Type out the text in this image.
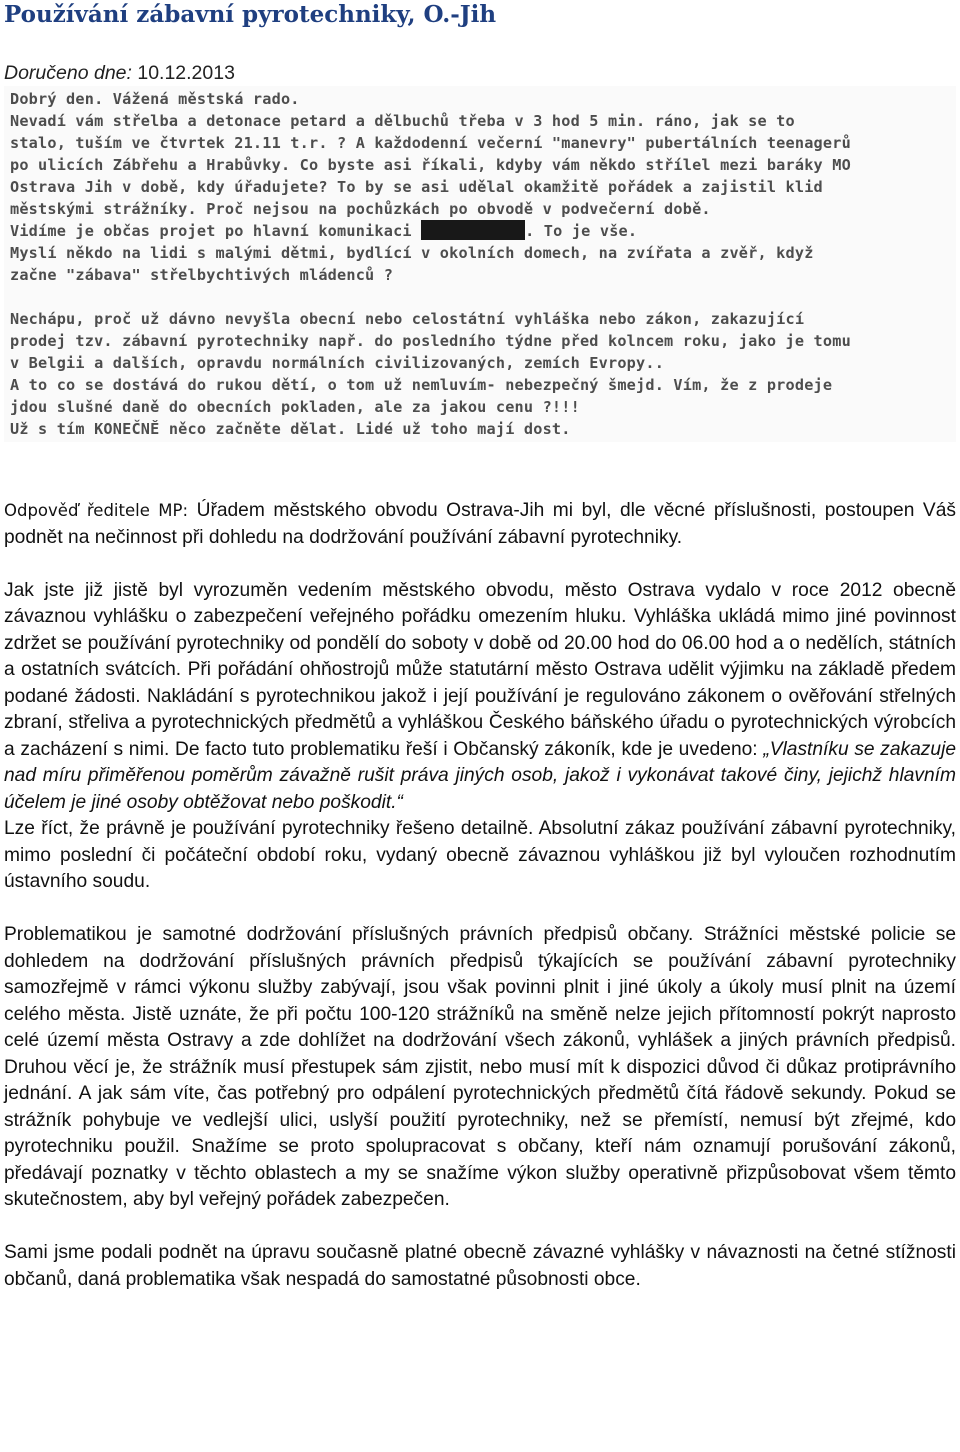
Používání zábavní pyrotechniky, O.-Jih
Doručeno dne: 10.12.2013
Dobrý den. Vážená městská rado.
Nevadí vám střelba a detonace petard a dělbuchů třeba v 3 hod 5 min. ráno, jak se to
stalo, tuším ve čtvrtek 21.11 t.r. ? A každodenní večerní "manevry" pubertálních teenagerů
po ulicích Zábřehu a Hrabůvky. Co byste asi říkali, kdyby vám někdo střílel mezi baráky MO
Ostrava Jih v době, kdy úřadujete? To by se asi udělal okamžitě pořádek a zajistil klid
městskými strážníky. Proč nejsou na pochůzkách po obvodě v podvečerní době.
Vidíme je občas projet po hlavní komunikaci	. To je vše.
Myslí někdo na lidi s malými dětmi, bydlící v okolních domech, na zvířata a zvěř, když
začne "zábava" střelbychtivých mládenců ?
Nechápu, proč už dávno nevyšla obecní nebo celostátní vyhláška nebo zákon, zakazující
prodej tzv. zábavní pyrotechniky např. do posledního týdne před kolncem roku, jako je tomu
v Belgii a dalších, opravdu normálních civilizovaných, zemích Evropy..
A to co se dostává do rukou dětí, o tom už nemluvím- nebezpečný šmejd. Vím, že z prodeje
jdou slušné daně do obecních pokladen, ale za jakou cenu ?!!!
Už s tím KONEČNĚ něco začněte dělat. Lidé už toho mají dost.

Odpověď ředitele MP: Úřadem městského obvodu Ostrava-Jih mi byl, dle věcné příslušnosti, postoupen Váš podnět na nečinnost při dohledu na dodržování používání zábavní pyrotechniky.

Jak jste již jistě byl vyrozuměn vedením městského obvodu, město Ostrava vydalo v roce 2012 obecně závaznou vyhlášku o zabezpečení veřejného pořádku omezením hluku. Vyhláška ukládá mimo jiné povinnost zdržet se používání pyrotechniky od pondělí do soboty v době od 20.00 hod do 06.00 hod a o nedělích, státních a ostatních svátcích. Při pořádání ohňostrojů může statutární město Ostrava udělit výjimku na základě předem podané žádosti. Nakládání s pyrotechnikou jakož i její používání je regulováno zákonem o ověřování střelných zbraní, střeliva a pyrotechnických předmětů a vyhláškou Českého báňského úřadu o pyrotechnických výrobcích a zacházení s nimi. De facto tuto problematiku řeší i Občanský zákoník, kde je uvedeno: „Vlastníku se zakazuje nad míru přiměřenou poměrům závažně rušit práva jiných osob, jakož i vykonávat takové činy, jejichž hlavním účelem je jiné osoby obtěžovat nebo poškodit.“

Lze říct, že právně je používání pyrotechniky řešeno detailně. Absolutní zákaz používání zábavní pyrotechniky, mimo poslední či počáteční období roku, vydaný obecně závaznou vyhláškou již byl vyloučen rozhodnutím ústavního soudu.

Problematikou je samotné dodržování příslušných právních předpisů občany. Strážníci městské policie se dohledem na dodržování příslušných právních předpisů týkajících se používání zábavní pyrotechniky samozřejmě v rámci výkonu služby zabývají, jsou však povinni plnit i jiné úkoly a úkoly musí plnit na území celého města. Jistě uznáte, že při počtu 100-120 strážníků na směně nelze jejich přítomností pokrýt naprosto celé území města Ostravy a zde dohlížet na dodržování všech zákonů, vyhlášek a jiných právních předpisů. Druhou věcí je, že strážník musí přestupek sám zjistit, nebo musí mít k dispozici důvod či důkaz protiprávního jednání. A jak sám víte, čas potřebný pro odpálení pyrotechnických předmětů čítá řádově sekundy. Pokud se strážník pohybuje ve vedlejší ulici, uslyší použití pyrotechniky, než se přemístí, nemusí být zřejmé, kdo pyrotechniku použil. Snažíme se proto spolupracovat s občany, kteří nám oznamují porušování zákonů, předávají poznatky v těchto oblastech a my se snažíme výkon služby operativně přizpůsobovat všem těmto skutečnostem, aby byl veřejný pořádek zabezpečen.

Sami jsme podali podnět na úpravu současně platné obecně závazné vyhlášky v návaznosti na četné stížnosti občanů, daná problematika však nespadá do samostatné působnosti obce.
